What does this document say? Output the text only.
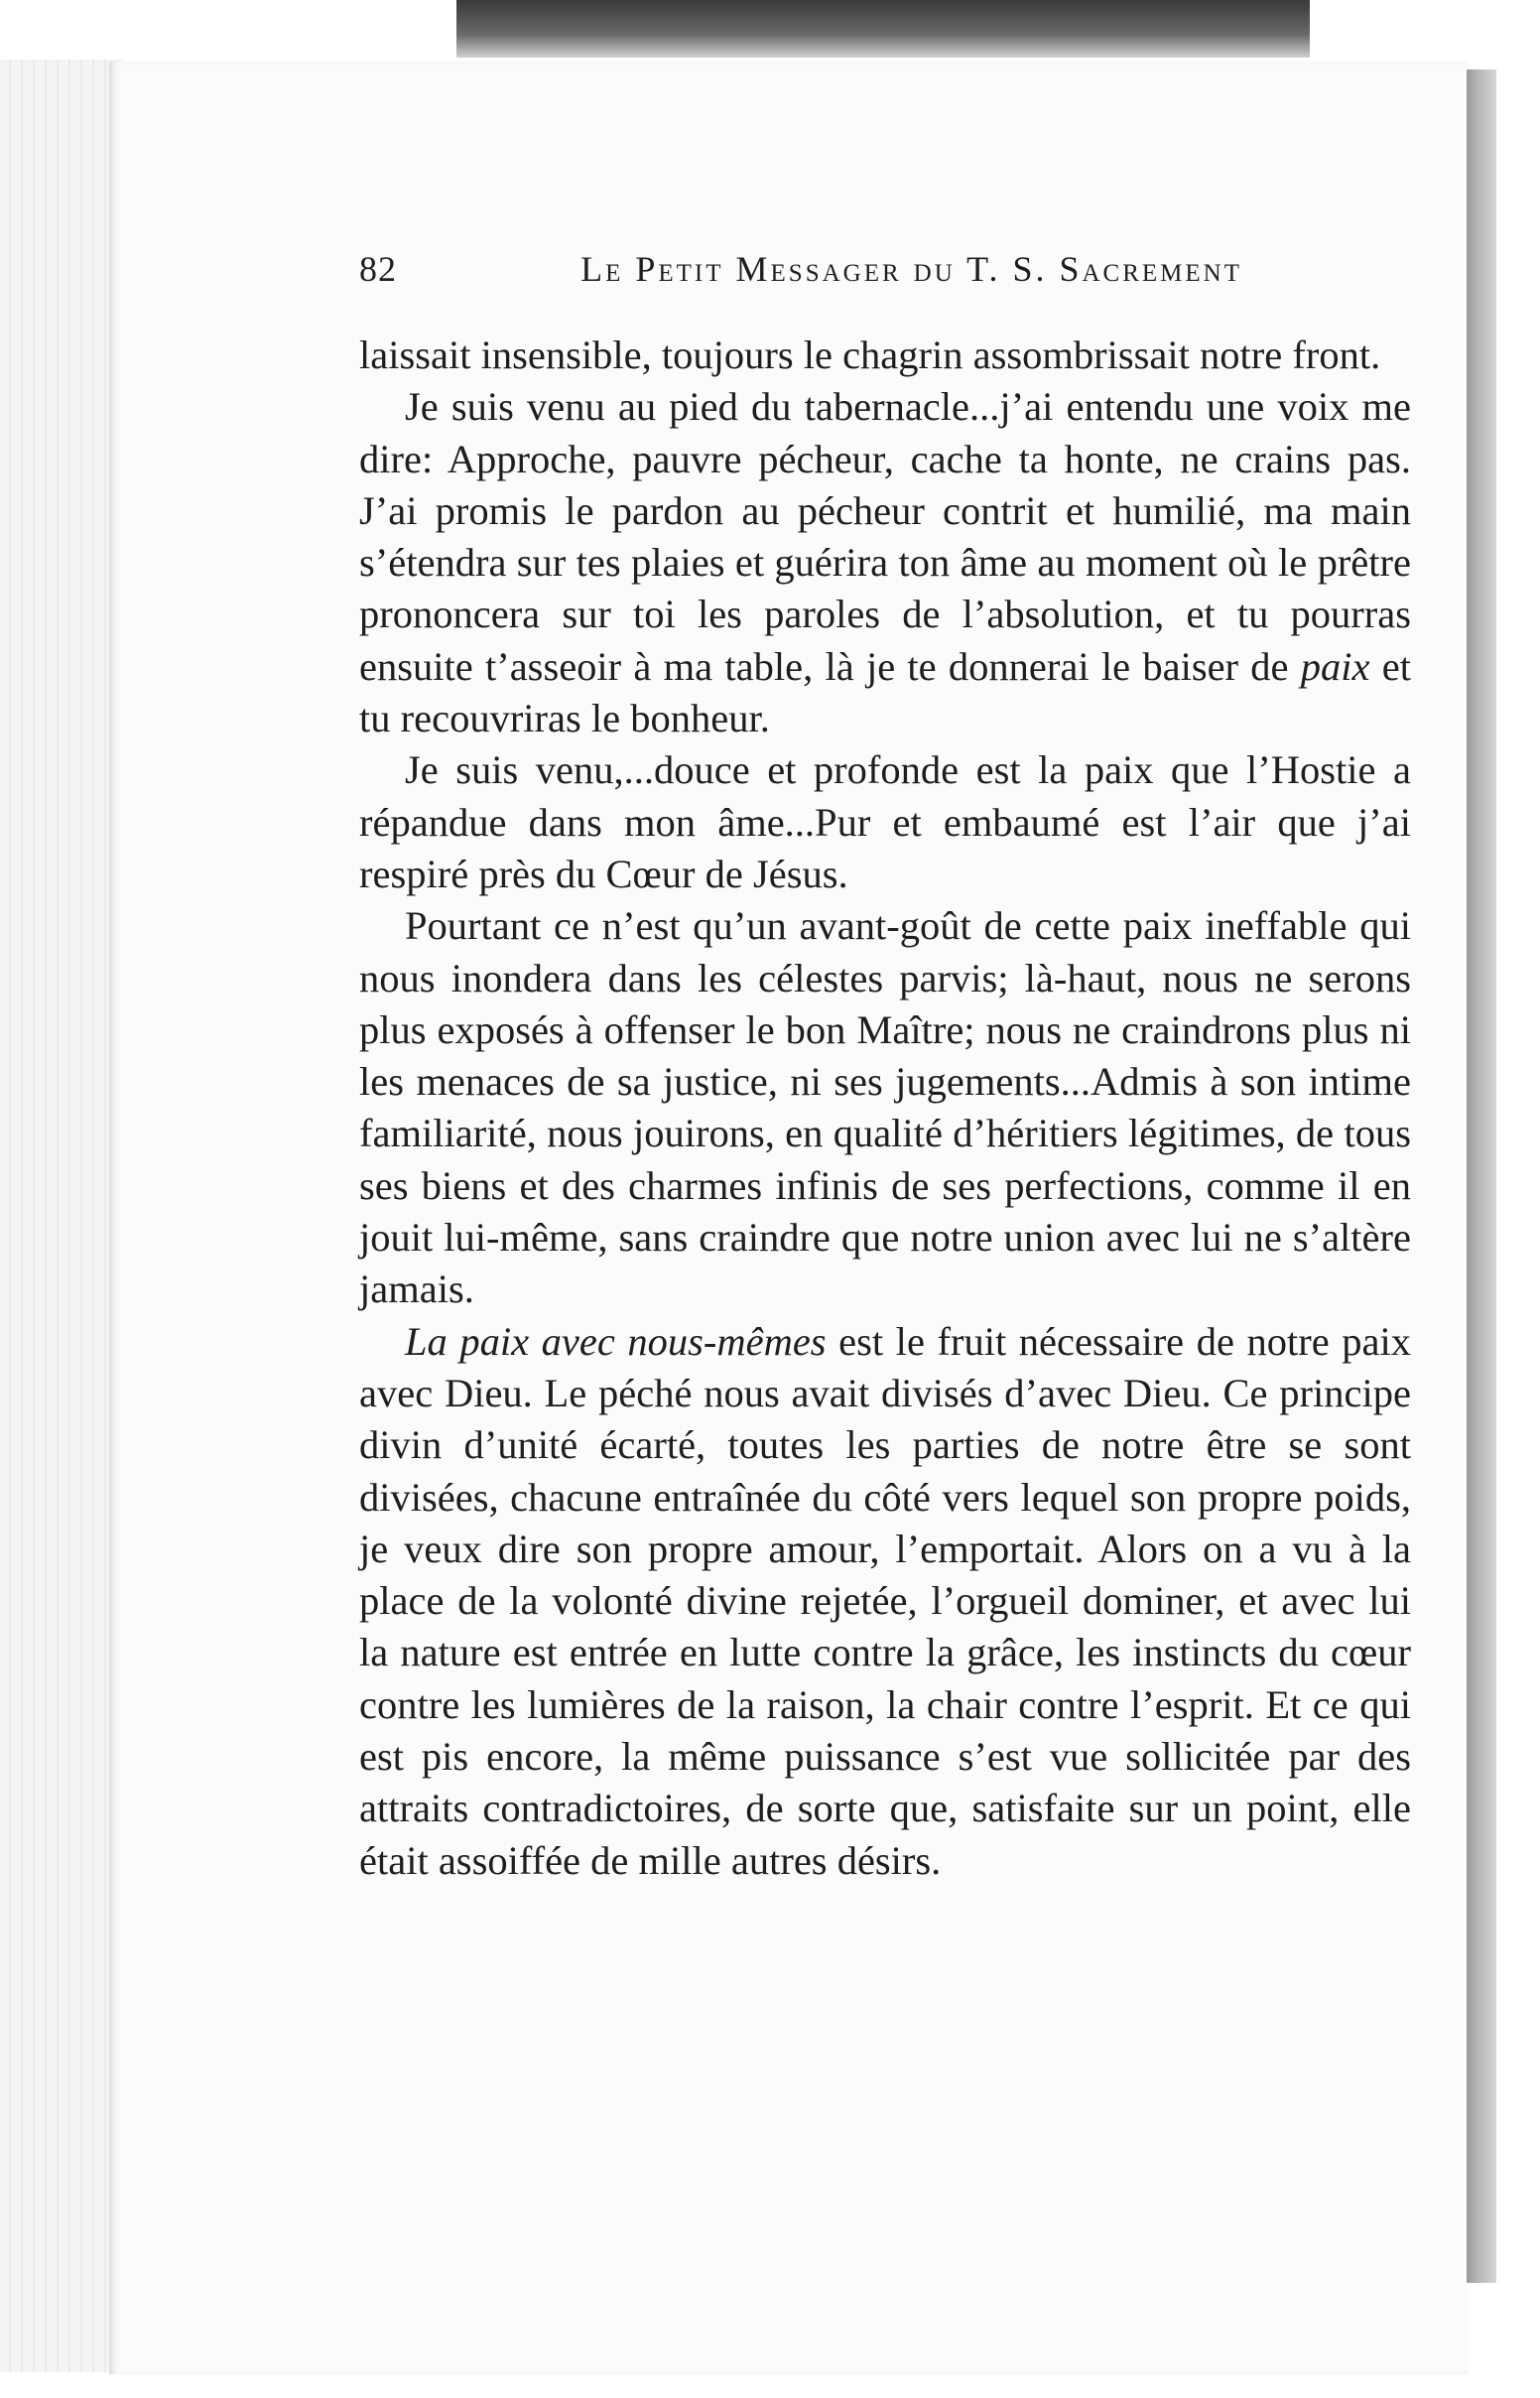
82	Le Petit Messager du T. S. Sacrement

laissait insensible, toujours le chagrin assombrissait notre front.

Je suis venu au pied du tabernacle...j’ai entendu une voix me dire: Approche, pauvre pécheur, cache ta honte, ne crains pas. J’ai promis le pardon au pécheur contrit et humilié, ma main s’étendra sur tes plaies et guérira ton âme au moment où le prêtre prononcera sur toi les paroles de l’absolution, et tu pourras ensuite t’asseoir à ma table, là je te donnerai le baiser de paix et tu recouvriras le bonheur.

Je suis venu,...douce et profonde est la paix que l’Hostie a répandue dans mon âme...Pur et embaumé est l’air que j’ai respiré près du Cœur de Jésus.

Pourtant ce n’est qu’un avant-goût de cette paix ineffable qui nous inondera dans les célestes parvis; là-haut, nous ne serons plus exposés à offenser le bon Maître; nous ne craindrons plus ni les menaces de sa justice, ni ses jugements...Admis à son intime familiarité, nous jouirons, en qualité d’héritiers légitimes, de tous ses biens et des charmes infinis de ses perfections, comme il en jouit lui-même, sans craindre que notre union avec lui ne s’altère jamais.

La paix avec nous-mêmes est le fruit nécessaire de notre paix avec Dieu. Le péché nous avait divisés d’avec Dieu. Ce principe divin d’unité écarté, toutes les parties de notre être se sont divisées, chacune entraînée du côté vers lequel son propre poids, je veux dire son propre amour, l’emportait. Alors on a vu à la place de la volonté divine rejetée, l’orgueil dominer, et avec lui la nature est entrée en lutte contre la grâce, les instincts du cœur contre les lumières de la raison, la chair contre l’esprit. Et ce qui est pis encore, la même puissance s’est vue sollicitée par des attraits contradictoires, de sorte que, satisfaite sur un point, elle était assoiffée de mille autres désirs.
